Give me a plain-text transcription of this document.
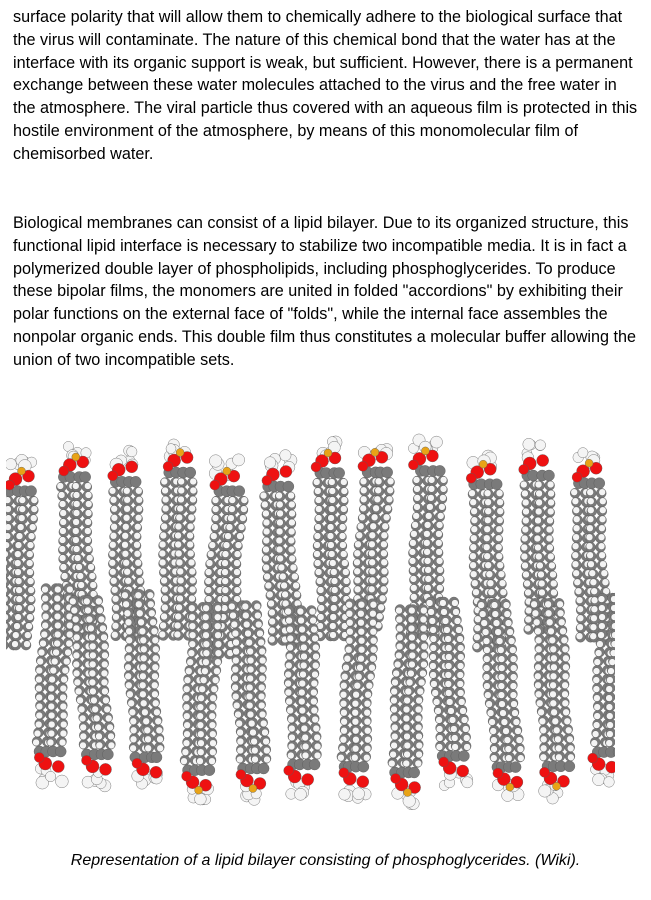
surface polarity that will allow them to chemically adhere to the biological surface that the virus will contaminate. The nature of this chemical bond that the water has at the interface with its organic support is weak, but sufficient. However, there is a permanent exchange between these water molecules attached to the virus and the free water in the atmosphere. The viral particle thus covered with an aqueous film is protected in this hostile environment of the atmosphere, by means of this monomolecular film of chemisorbed water.

Biological membranes can consist of a lipid bilayer. Due to its organized structure, this functional lipid interface is necessary to stabilize two incompatible media. It is in fact a polymerized double layer of phospholipids, including phosphoglycerides. To produce these bipolar films, the monomers are united in folded "accordions" by exhibiting their polar functions on the external face of "folds", while the internal face assembles the nonpolar organic ends. This double film thus constitutes a molecular buffer allowing the union of two incompatible sets.

Representation of a lipid bilayer consisting of phosphoglycerides. (Wiki).
